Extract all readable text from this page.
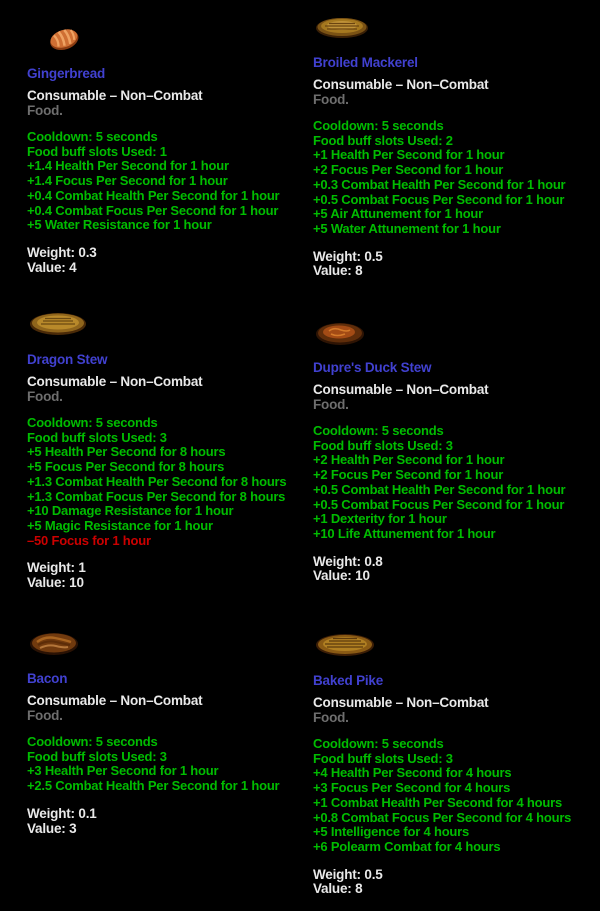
Gingerbread
Consumable – Non–Combat
Food.
Cooldown: 5 seconds
Food buff slots Used: 1
+1.4 Health Per Second for 1 hour
+1.4 Focus Per Second for 1 hour
+0.4 Combat Health Per Second for 1 hour
+0.4 Combat Focus Per Second for 1 hour
+5 Water Resistance for 1 hour
Weight: 0.3
Value: 4
Broiled Mackerel
Consumable – Non–Combat
Food.
Cooldown: 5 seconds
Food buff slots Used: 2
+1 Health Per Second for 1 hour
+2 Focus Per Second for 1 hour
+0.3 Combat Health Per Second for 1 hour
+0.5 Combat Focus Per Second for 1 hour
+5 Air Attunement for 1 hour
+5 Water Attunement for 1 hour
Weight: 0.5
Value: 8
Dragon Stew
Consumable – Non–Combat
Food.
Cooldown: 5 seconds
Food buff slots Used: 3
+5 Health Per Second for 8 hours
+5 Focus Per Second for 8 hours
+1.3 Combat Health Per Second for 8 hours
+1.3 Combat Focus Per Second for 8 hours
+10 Damage Resistance for 1 hour
+5 Magic Resistance for 1 hour
–50 Focus for 1 hour
Weight: 1
Value: 10
Dupre's Duck Stew
Consumable – Non–Combat
Food.
Cooldown: 5 seconds
Food buff slots Used: 3
+2 Health Per Second for 1 hour
+2 Focus Per Second for 1 hour
+0.5 Combat Health Per Second for 1 hour
+0.5 Combat Focus Per Second for 1 hour
+1 Dexterity for 1 hour
+10 Life Attunement for 1 hour
Weight: 0.8
Value: 10
Bacon
Consumable – Non–Combat
Food.
Cooldown: 5 seconds
Food buff slots Used: 3
+3 Health Per Second for 1 hour
+2.5 Combat Health Per Second for 1 hour
Weight: 0.1
Value: 3
Baked Pike
Consumable – Non–Combat
Food.
Cooldown: 5 seconds
Food buff slots Used: 3
+4 Health Per Second for 4 hours
+3 Focus Per Second for 4 hours
+1 Combat Health Per Second for 4 hours
+0.8 Combat Focus Per Second for 4 hours
+5 Intelligence for 4 hours
+6 Polearm Combat for 4 hours
Weight: 0.5
Value: 8
